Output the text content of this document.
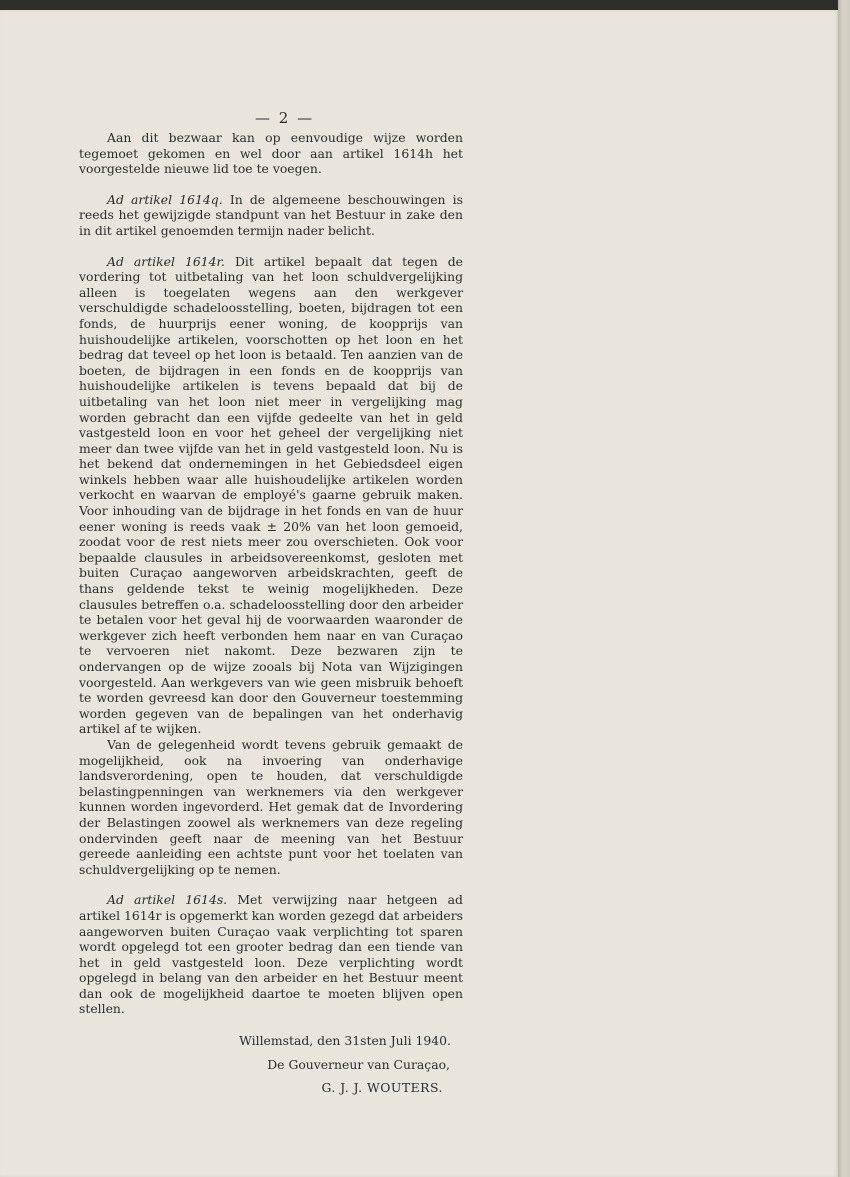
— 2 —

Aan dit bezwaar kan op eenvoudige wijze worden tegemoet gekomen en wel door aan artikel 1614h het voorgestelde nieuwe lid toe te voegen.

Ad artikel 1614q. In de algemeene beschouwingen is reeds het gewijzigde standpunt van het Bestuur in zake den in dit artikel genoemden termijn nader belicht.

Ad artikel 1614r. Dit artikel bepaalt dat tegen de vordering tot uitbetaling van het loon schuldvergelijking alleen is toegelaten wegens aan den werkgever verschuldigde schadeloosstelling, boeten, bijdragen tot een fonds, de huurprijs eener woning, de koopprijs van huishoudelijke artikelen, voorschotten op het loon en het bedrag dat teveel op het loon is betaald. Ten aanzien van de boeten, de bijdragen in een fonds en de koopprijs van huishoudelijke artikelen is tevens bepaald dat bij de uitbetaling van het loon niet meer in vergelijking mag worden gebracht dan een vijfde gedeelte van het in geld vastgesteld loon en voor het geheel der vergelijking niet meer dan twee vijfde van het in geld vastgesteld loon. Nu is het bekend dat ondernemingen in het Gebiedsdeel eigen winkels hebben waar alle huishoudelijke artikelen worden verkocht en waarvan de employé's gaarne gebruik maken. Voor inhouding van de bijdrage in het fonds en van de huur eener woning is reeds vaak ± 20% van het loon gemoeid, zoodat voor de rest niets meer zou overschieten. Ook voor bepaalde clausules in arbeidsovereenkomst, gesloten met buiten Curaçao aangeworven arbeidskrachten, geeft de thans geldende tekst te weinig mogelijkheden. Deze clausules betreffen o.a. schadeloosstelling door den arbeider te betalen voor het geval hij de voorwaarden waaronder de werkgever zich heeft verbonden hem naar en van Curaçao te vervoeren niet nakomt. Deze bezwaren zijn te ondervangen op de wijze zooals bij Nota van Wijzigingen voorgesteld. Aan werkgevers van wie geen misbruik behoeft te worden gevreesd kan door den Gouverneur toestemming worden gegeven van de bepalingen van het onderhavig artikel af te wijken.

Van de gelegenheid wordt tevens gebruik gemaakt de mogelijkheid, ook na invoering van onderhavige landsverordening, open te houden, dat verschuldigde belastingpenningen van werknemers via den werkgever kunnen worden ingevorderd. Het gemak dat de Invordering der Belastingen zoowel als werknemers van deze regeling ondervinden geeft naar de meening van het Bestuur gereede aanleiding een achtste punt voor het toelaten van schuldvergelijking op te nemen.

Ad artikel 1614s. Met verwijzing naar hetgeen ad artikel 1614r is opgemerkt kan worden gezegd dat arbeiders aangeworven buiten Curaçao vaak verplichting tot sparen wordt opgelegd tot een grooter bedrag dan een tiende van het in geld vastgesteld loon. Deze verplichting wordt opgelegd in belang van den arbeider en het Bestuur meent dan ook de mogelijkheid daartoe te moeten blijven open stellen.

Willemstad, den 31sten Juli 1940.

De Gouverneur van Curaçao,

G. J. J. WOUTERS.
